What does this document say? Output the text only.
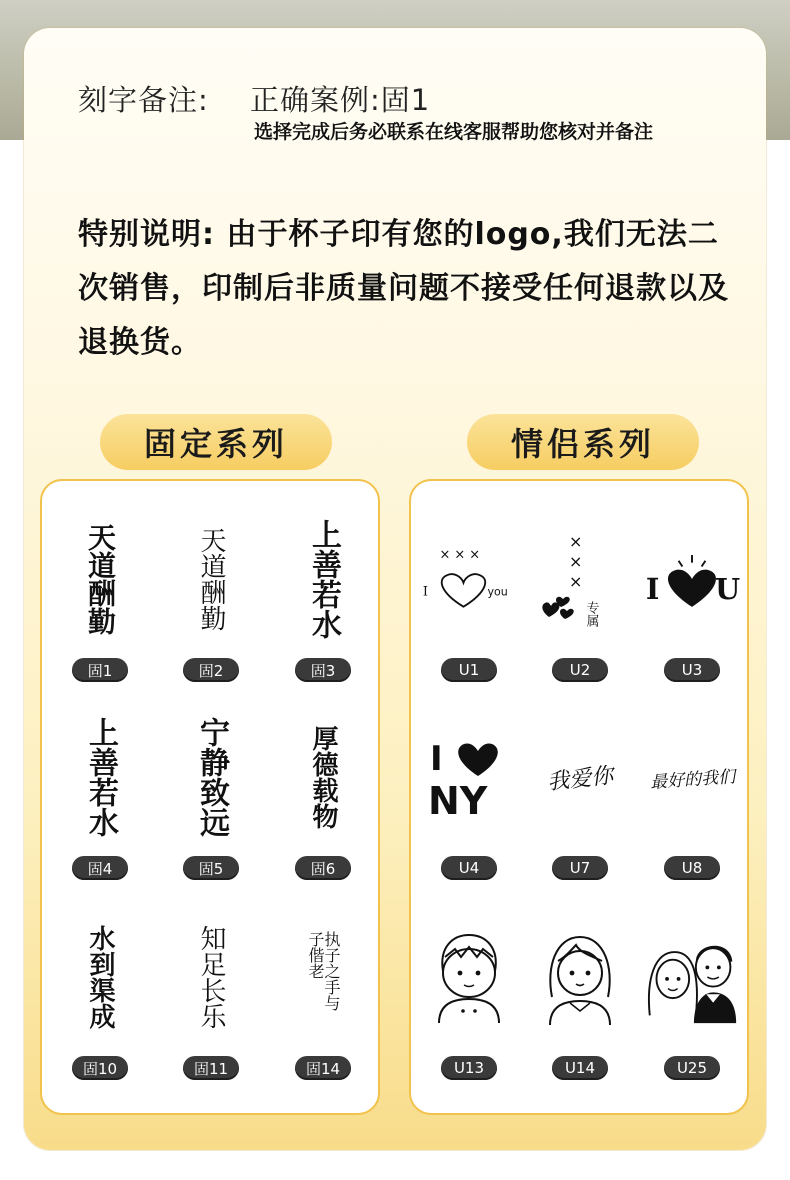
刻字备注: 正确案例:固1
选择完成后务必联系在线客服帮助您核对并备注
特别说明: 由于杯子印有您的logo,我们无法二次销售，印制后非质量问题不接受任何退款以及退换货。
固定系列	情侣系列
天道酬勤
固1
天道酬勤
固2
上善若水
固3
上善若水
固4
宁静致远
固5
厚德载物
固6
水到渠成
固10
知足长乐
固11
执子之手与子偕老
固14
× × ×
I	you
U1
×
×
×
专属
U2
I U
U3
I
NY
U4
我爱你
U7
最好的我们
U8
U13	U14	U25
